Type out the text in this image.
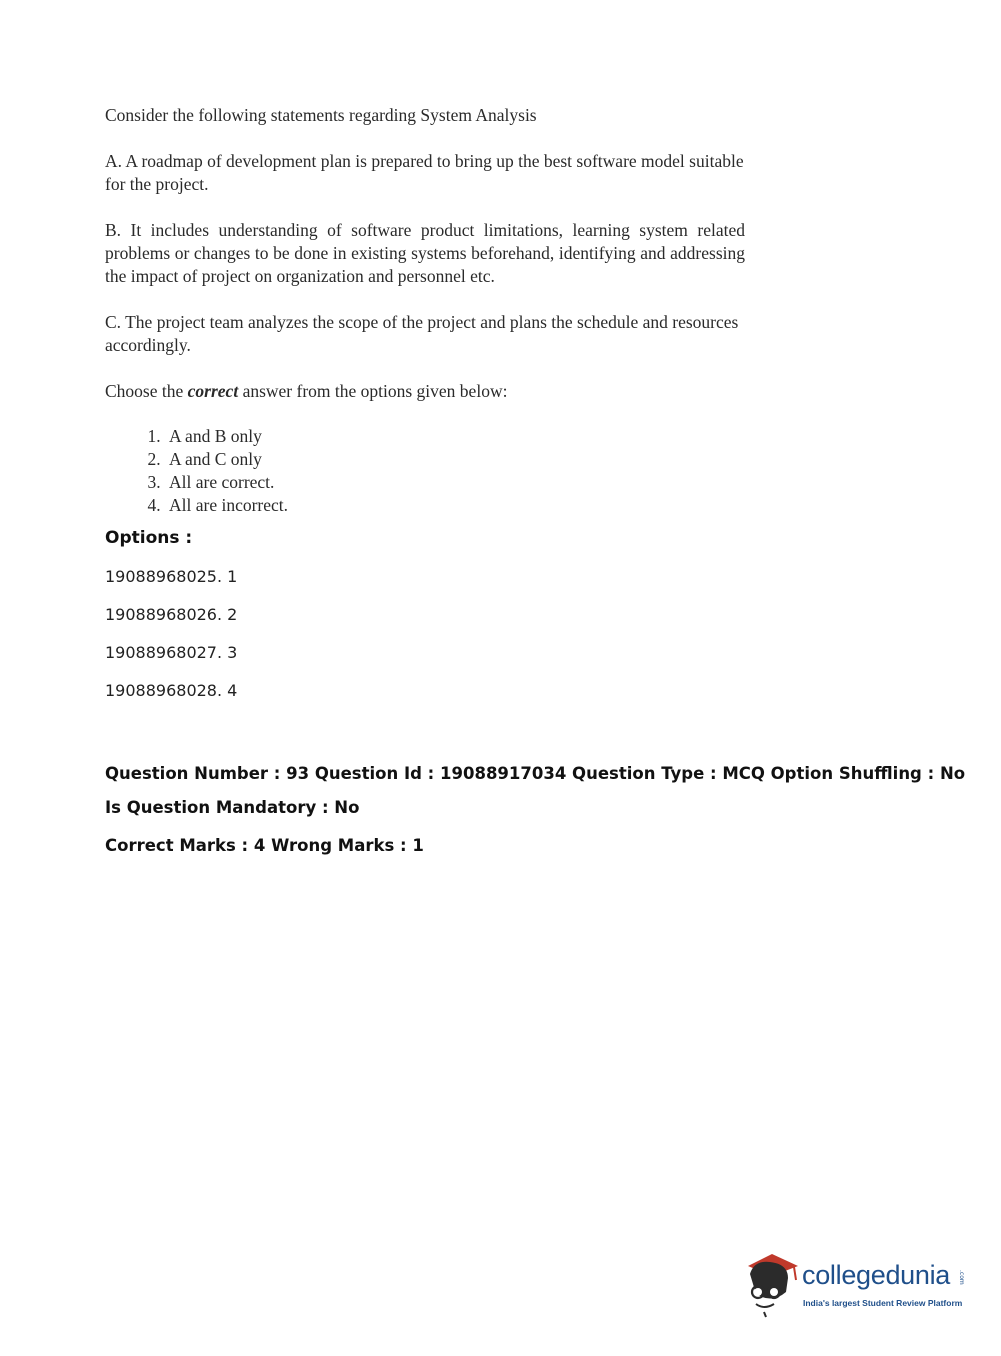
Consider the following statements regarding System Analysis

A. A roadmap of development plan is prepared to bring up the best software model suitable for the project.

B. It includes understanding of software product limitations, learning system related problems or changes to be done in existing systems beforehand, identifying and addressing the impact of project on organization and personnel etc.

C. The project team analyzes the scope of the project and plans the schedule and resources accordingly.

Choose the correct answer from the options given below:

1. A and B only
2. A and C only
3. All are correct.
4. All are incorrect.
Options :
19088968025. 1
19088968026. 2
19088968027. 3
19088968028. 4
Question Number : 93 Question Id : 19088917034 Question Type : MCQ Option Shuffling : No
Is Question Mandatory : No
Correct Marks : 4 Wrong Marks : 1
collegedunia .com
India's largest Student Review Platform
